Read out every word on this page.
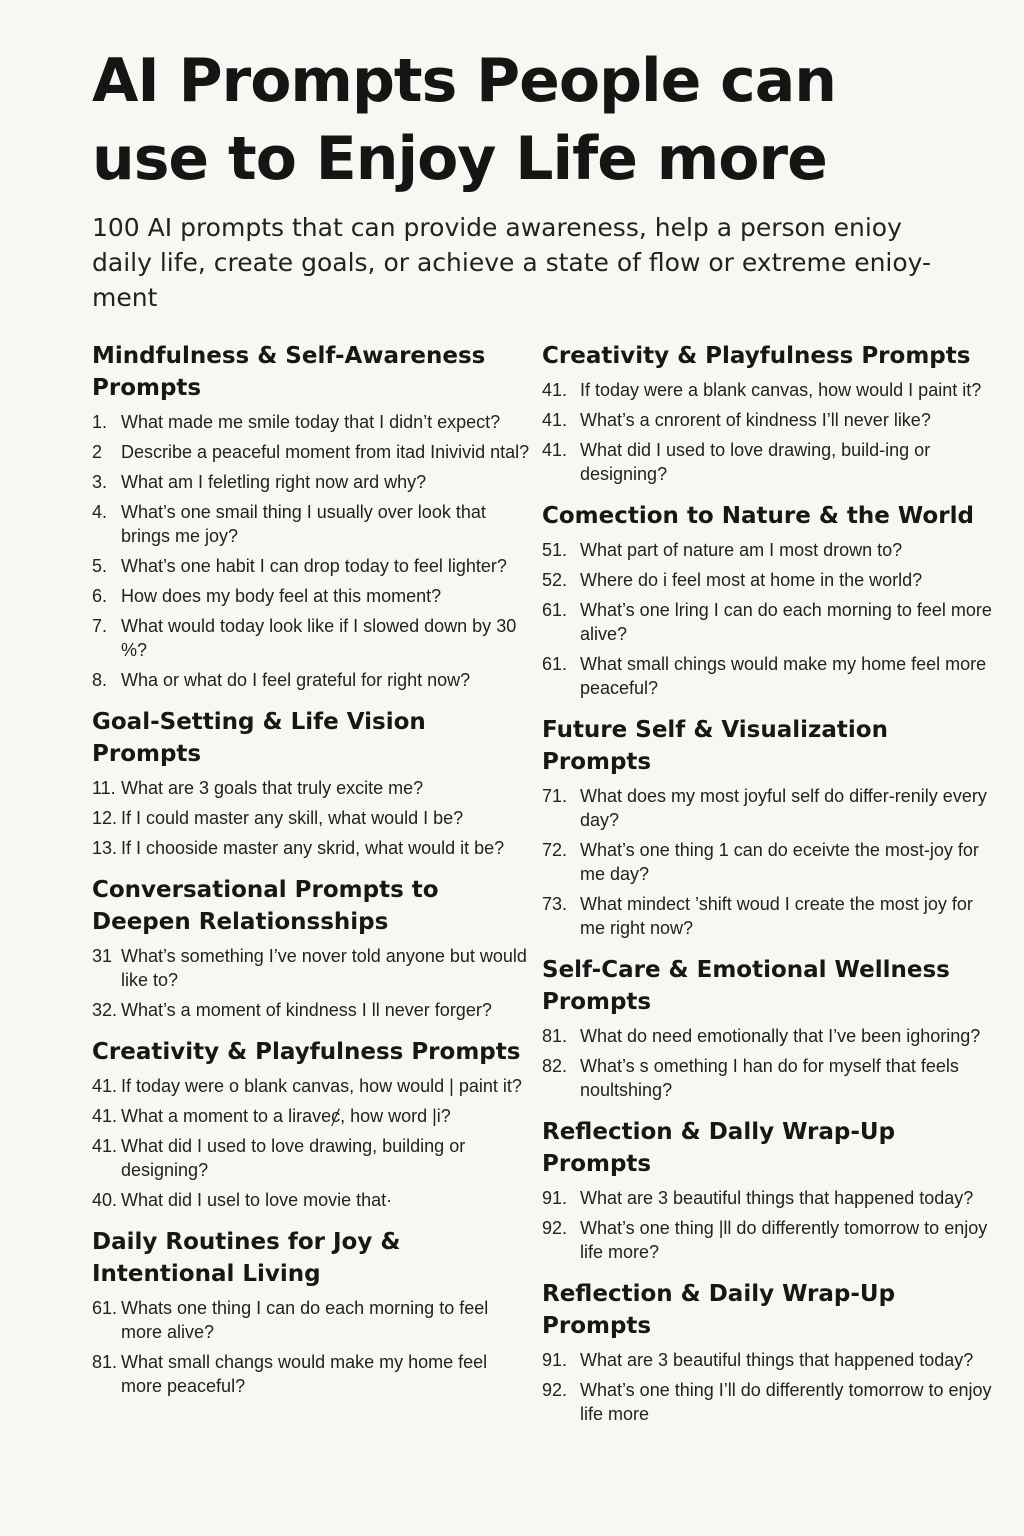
AI Prompts People can use to Enjoy Life more

100 AI prompts that can provide awareness, help a person enioy daily life, create goals, or achieve a state of flow or extreme enioy-ment

Mindfulness & Self-Awareness Prompts
1. What made me smile today that I didn’t expect?
2	Describe a peaceful moment from itad Inivivid ntal?
3. What am I feletling right now ard why?
4. What’s one smail thing I usually over look that brings me joy?
5. What’s one habit I can drop today to feel lighter?
6. How does my body feel at this moment?
7. What would today look like if I slowed down by 30 %?
8. Wha or what do I feel grateful for right now?
Goal-Setting & Life Vision Prompts
11. What are 3 goals that truly excite me?
12. If I could master any skill, what would I be?
13. If I chooside master any skrid, what would it be?
Conversational Prompts to Deepen Relationsships
31 What’s something I’ve nover told anyone but would like to?
32. What’s a moment of kindness I ll never forger?
Creativity & Playfulness Prompts
41. If today were o blank canvas, how would | paint it?
41. What a moment to a liraveȼ, how word |i?
41. What did I used to love drawing, building or designing?
40. What did I usel to love movie that·
Daily Routines for Joy & Intentional Living
61. Whats one thing I can do each morning to feel more alive?
81. What small changs would make my home feel more peaceful?
Creativity & Playfulness Prompts
41. If today were a blank canvas, how would I paint it?
41. What’s a cnrorent of kindness I’ll never like?
41. What did I used to love drawing, build-ing or designing?
Comection to Nature & the World
51. What part of nature am I most drown to?
52. Where do i feel most at home in the world?
61. What’s one lring I can do each morning to feel more alive?
61. What small chings would make my home feel more peaceful?
Future Self & Visualization Prompts
71. What does my most joyful self do differ-renily every day?
72. What’s one thing 1 can do eceivte the most-joy for me day?
73. What mindect ’shift woud I create the most joy for me right now?
Self-Care & Emotional Wellness Prompts
81. What do need emotionally that I’ve been ighoring?
82. What’s s omething I han do for myself that feels noultshing?
Reflection & Dally Wrap-Up Prompts
91. What are 3 beautiful things that happened today?
92. What’s one thing |ll do differently tomorrow to enjoy life more?
Reflection & Daily Wrap-Up Prompts
91. What are 3 beautiful things that happened today?
92. What’s one thing I’ll do differently tomorrow to enjoy life more
